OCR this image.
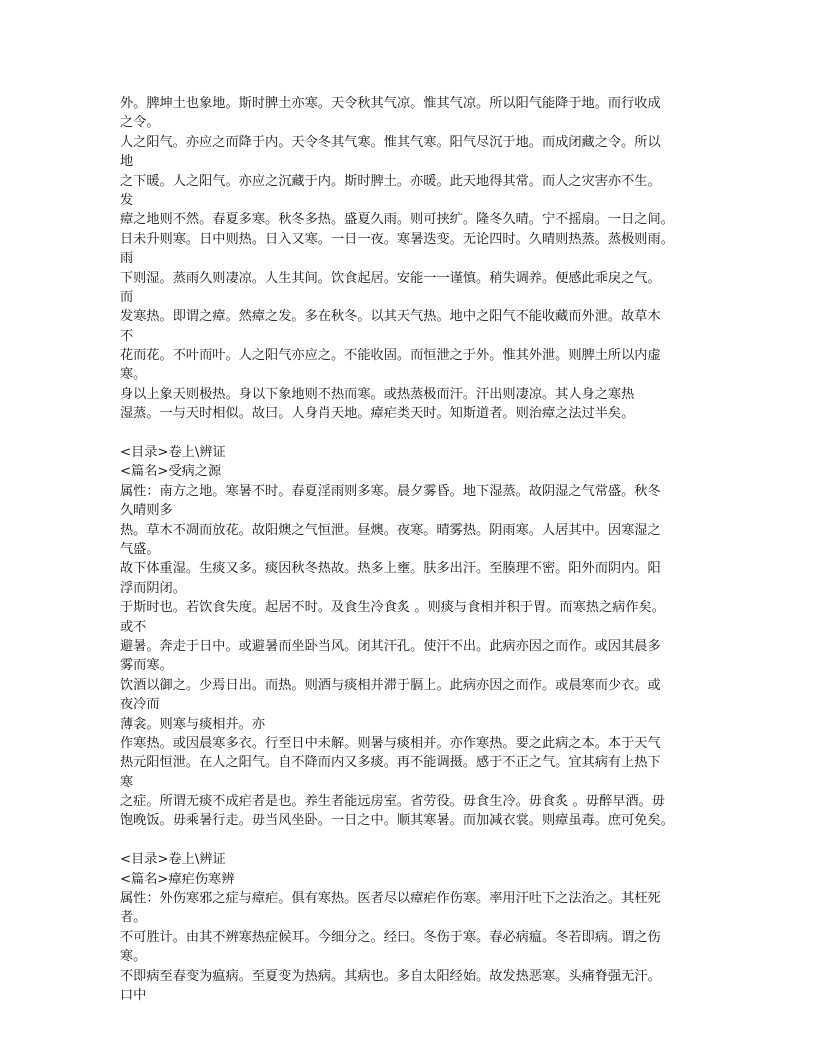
外。脾坤土也象地。斯时脾土亦寒。天令秋其气凉。惟其气凉。所以阳气能降于地。而行收成
之令。
人之阳气。亦应之而降于内。天令冬其气寒。惟其气寒。阳气尽沉于地。而成闭藏之令。所以
地
之下暖。人之阳气。亦应之沉藏于内。斯时脾土。亦暖。此天地得其常。而人之灾害亦不生。
发
瘴之地则不然。春夏多寒。秋冬多热。盛夏久雨。则可挟纩。隆冬久晴。宁不摇扇。一日之间。
日未升则寒。日中则热。日入又寒。一日一夜。寒暑迭变。无论四时。久晴则热蒸。蒸极则雨。
雨
下则湿。蒸雨久则凄凉。人生其间。饮食起居。安能一一谨慎。稍失调养。便感此乖戾之气。
而
发寒热。即谓之瘴。然瘴之发。多在秋冬。以其天气热。地中之阳气不能收藏而外泄。故草木
不
花而花。不叶而叶。人之阳气亦应之。不能收固。而恒泄之于外。惟其外泄。则脾土所以内虚
寒。
身以上象天则极热。身以下象地则不热而寒。或热蒸极而汗。汗出则凄凉。其人身之寒热
湿蒸。一与天时相似。故曰。人身肖天地。瘴疟类天时。知斯道者。则治瘴之法过半矣。
<目录>卷上\辨证
<篇名>受病之源
属性：南方之地。寒暑不时。春夏淫雨则多寒。晨夕雾昏。地下湿蒸。故阴湿之气常盛。秋冬
久晴则多
热。草木不凋而放花。故阳燠之气恒泄。昼燠。夜寒。晴雾热。阴雨寒。人居其中。因寒湿之
气盛。
故下体重湿。生痰又多。痰因秋冬热故。热多上壅。肤多出汗。至腠理不密。阳外而阴内。阳
浮而阴闭。
于斯时也。若饮食失度。起居不时。及食生冷食炙 。则痰与食相并积于胃。而寒热之病作矣。
或不
避暑。奔走于日中。或避暑而坐卧当风。闭其汗孔。使汗不出。此病亦因之而作。或因其晨多
雾而寒。
饮酒以御之。少焉日出。而热。则酒与痰相并滞于膈上。此病亦因之而作。或晨寒而少衣。或
夜冷而
薄衾。则寒与痰相并。亦
作寒热。或因晨寒多衣。行至日中未解。则暑与痰相并。亦作寒热。要之此病之本。本于天气
热元阳恒泄。在人之阳气。自不降而内又多痰。再不能调摄。感于不正之气。宜其病有上热下
寒
之症。所谓无痰不成疟者是也。养生者能远房室。省劳役。毋食生冷。毋食炙 。毋醉早酒。毋
饱晚饭。毋乘暑行走。毋当风坐卧。一日之中。顺其寒暑。而加减衣裳。则瘴虽毒。庶可免矣。
<目录>卷上\辨证
<篇名>瘴疟伤寒辨
属性：外伤寒邪之症与瘴疟。俱有寒热。医者尽以瘴疟作伤寒。率用汗吐下之法治之。其枉死
者。
不可胜计。由其不辨寒热症候耳。今细分之。经曰。冬伤于寒。春必病瘟。冬若即病。谓之伤
寒。
不即病至春变为瘟病。至夏变为热病。其病也。多自太阳经始。故发热恶寒。头痛脊强无汗。
口中
